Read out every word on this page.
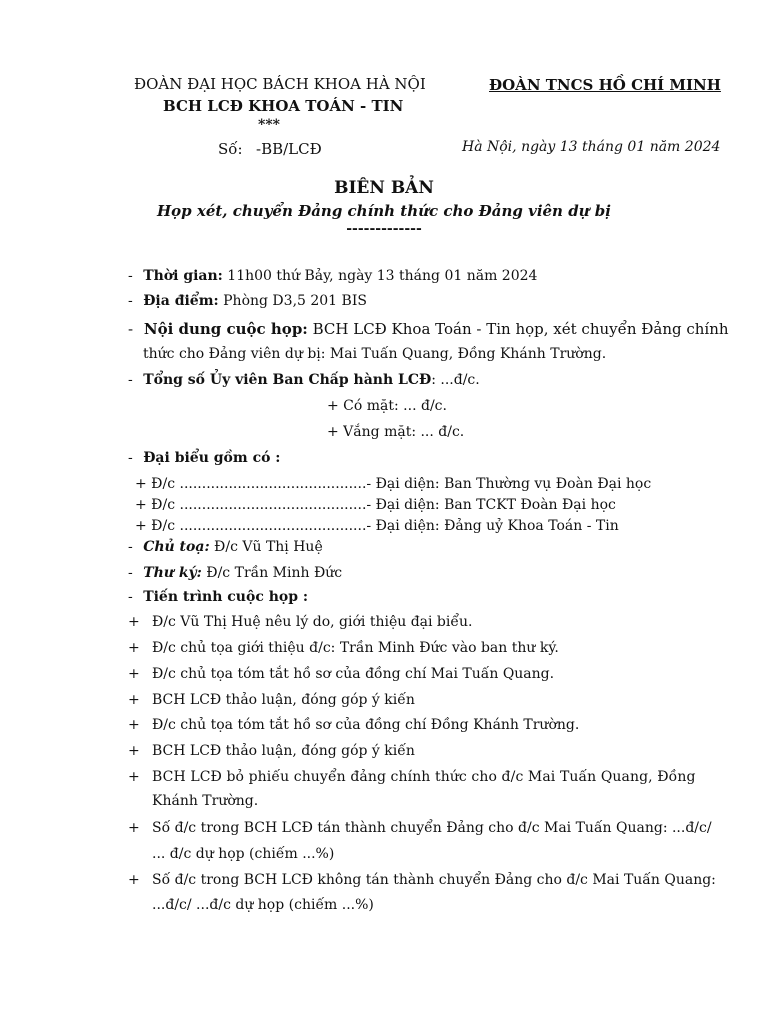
ĐOÀN ĐẠI HỌC BÁCH KHOA HÀ NỘI
BCH LCĐ KHOA TOÁN - TIN
***
Số: -BB/LCĐ
ĐOÀN TNCS HỒ CHÍ MINH
Hà Nội, ngày 13 tháng 01 năm 2024
BIÊN BẢN
Họp xét, chuyển Đảng chính thức cho Đảng viên dự bị
-------------
- Thời gian: 11h00 thứ Bảy, ngày 13 tháng 01 năm 2024
- Địa điểm: Phòng D3,5 201 BIS
- Nội dung cuộc họp: BCH LCĐ Khoa Toán - Tin họp, xét chuyển Đảng chính
thức cho Đảng viên dự bị: Mai Tuấn Quang, Đồng Khánh Trường.
- Tổng số Ủy viên Ban Chấp hành LCĐ: ...đ/c.
+ Có mặt: ... đ/c.
+ Vắng mặt: ... đ/c.
- Đại biểu gồm có :
+ Đ/c ..........................................- Đại diện: Ban Thường vụ Đoàn Đại học
+ Đ/c ..........................................- Đại diện: Ban TCKT Đoàn Đại học
+ Đ/c ..........................................- Đại diện: Đảng uỷ Khoa Toán - Tin
- Chủ toạ: Đ/c Vũ Thị Huệ
- Thư ký: Đ/c Trần Minh Đức
- Tiến trình cuộc họp :
+ Đ/c Vũ Thị Huệ nêu lý do, giới thiệu đại biểu.
+ Đ/c chủ tọa giới thiệu đ/c: Trần Minh Đức vào ban thư ký.
+ Đ/c chủ tọa tóm tắt hồ sơ của đồng chí Mai Tuấn Quang.
+ BCH LCĐ thảo luận, đóng góp ý kiến
+ Đ/c chủ tọa tóm tắt hồ sơ của đồng chí Đồng Khánh Trường.
+ BCH LCĐ thảo luận, đóng góp ý kiến
+ BCH LCĐ bỏ phiếu chuyển đảng chính thức cho đ/c Mai Tuấn Quang, Đồng
Khánh Trường.
+ Số đ/c trong BCH LCĐ tán thành chuyển Đảng cho đ/c Mai Tuấn Quang: ...đ/c/
... đ/c dự họp (chiếm ...%)
+ Số đ/c trong BCH LCĐ không tán thành chuyển Đảng cho đ/c Mai Tuấn Quang:
...đ/c/ ...đ/c dự họp (chiếm ...%)
